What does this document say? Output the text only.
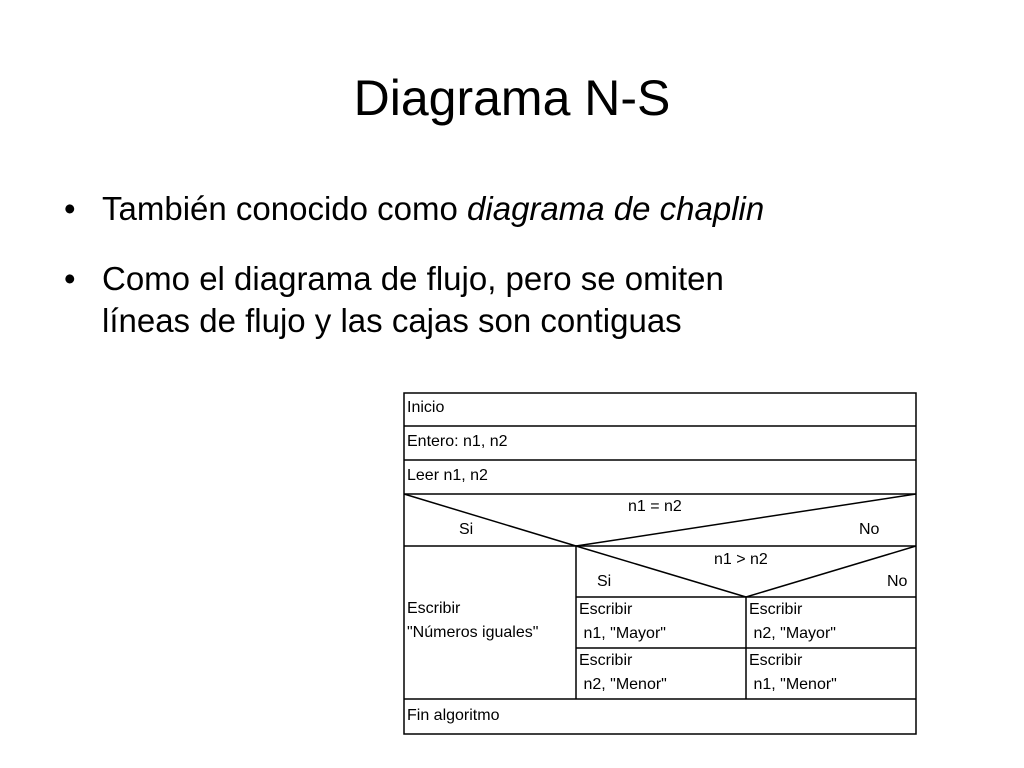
Diagrama N-S
• También conocido como diagrama de chaplin
• Como el diagrama de flujo, pero se omiten
líneas de flujo y las cajas son contiguas
Inicio
Entero: n1, n2
Leer n1, n2
n1 = n2
Si	No
Escribir
"Números iguales"
n1 > n2
Si	No
Escribir
n1, "Mayor"
Escribir
n2, "Mayor"
Escribir
n2, "Menor"
Escribir
n1, "Menor"
Fin algoritmo
